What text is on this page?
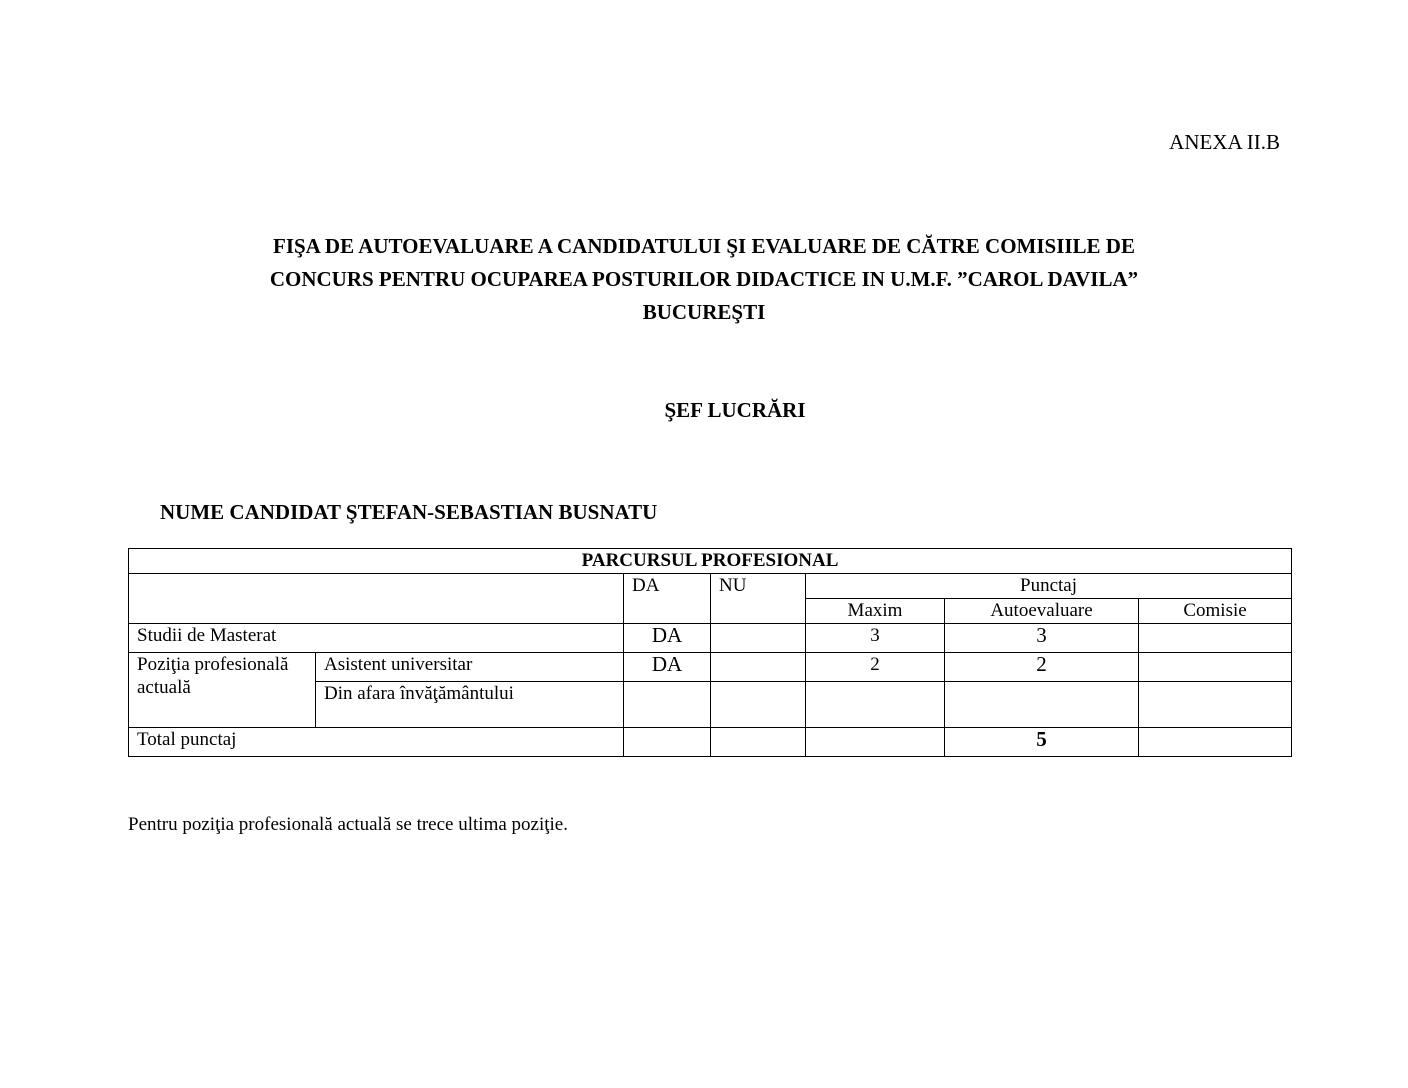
ANEXA II.B
FIŞA DE AUTOEVALUARE A CANDIDATULUI ŞI EVALUARE DE CĂTRE COMISIILE DE
CONCURS PENTRU OCUPAREA POSTURILOR DIDACTICE IN U.M.F. ”CAROL DAVILA”
BUCUREŞTI
ŞEF LUCRĂRI
NUME CANDIDAT ŞTEFAN-SEBASTIAN BUSNATU
PARCURSUL PROFESIONAL						
		DA	NU	Punctaj		
				Maxim	Autoevaluare	Comisie
Studii de Masterat		DA		3	3	
Poziţia profesională actuală	Asistent universitar	DA		2	2	
	Din afara învăţământului					
Total punctaj					5	
Pentru poziţia profesională actuală se trece ultima poziţie.
